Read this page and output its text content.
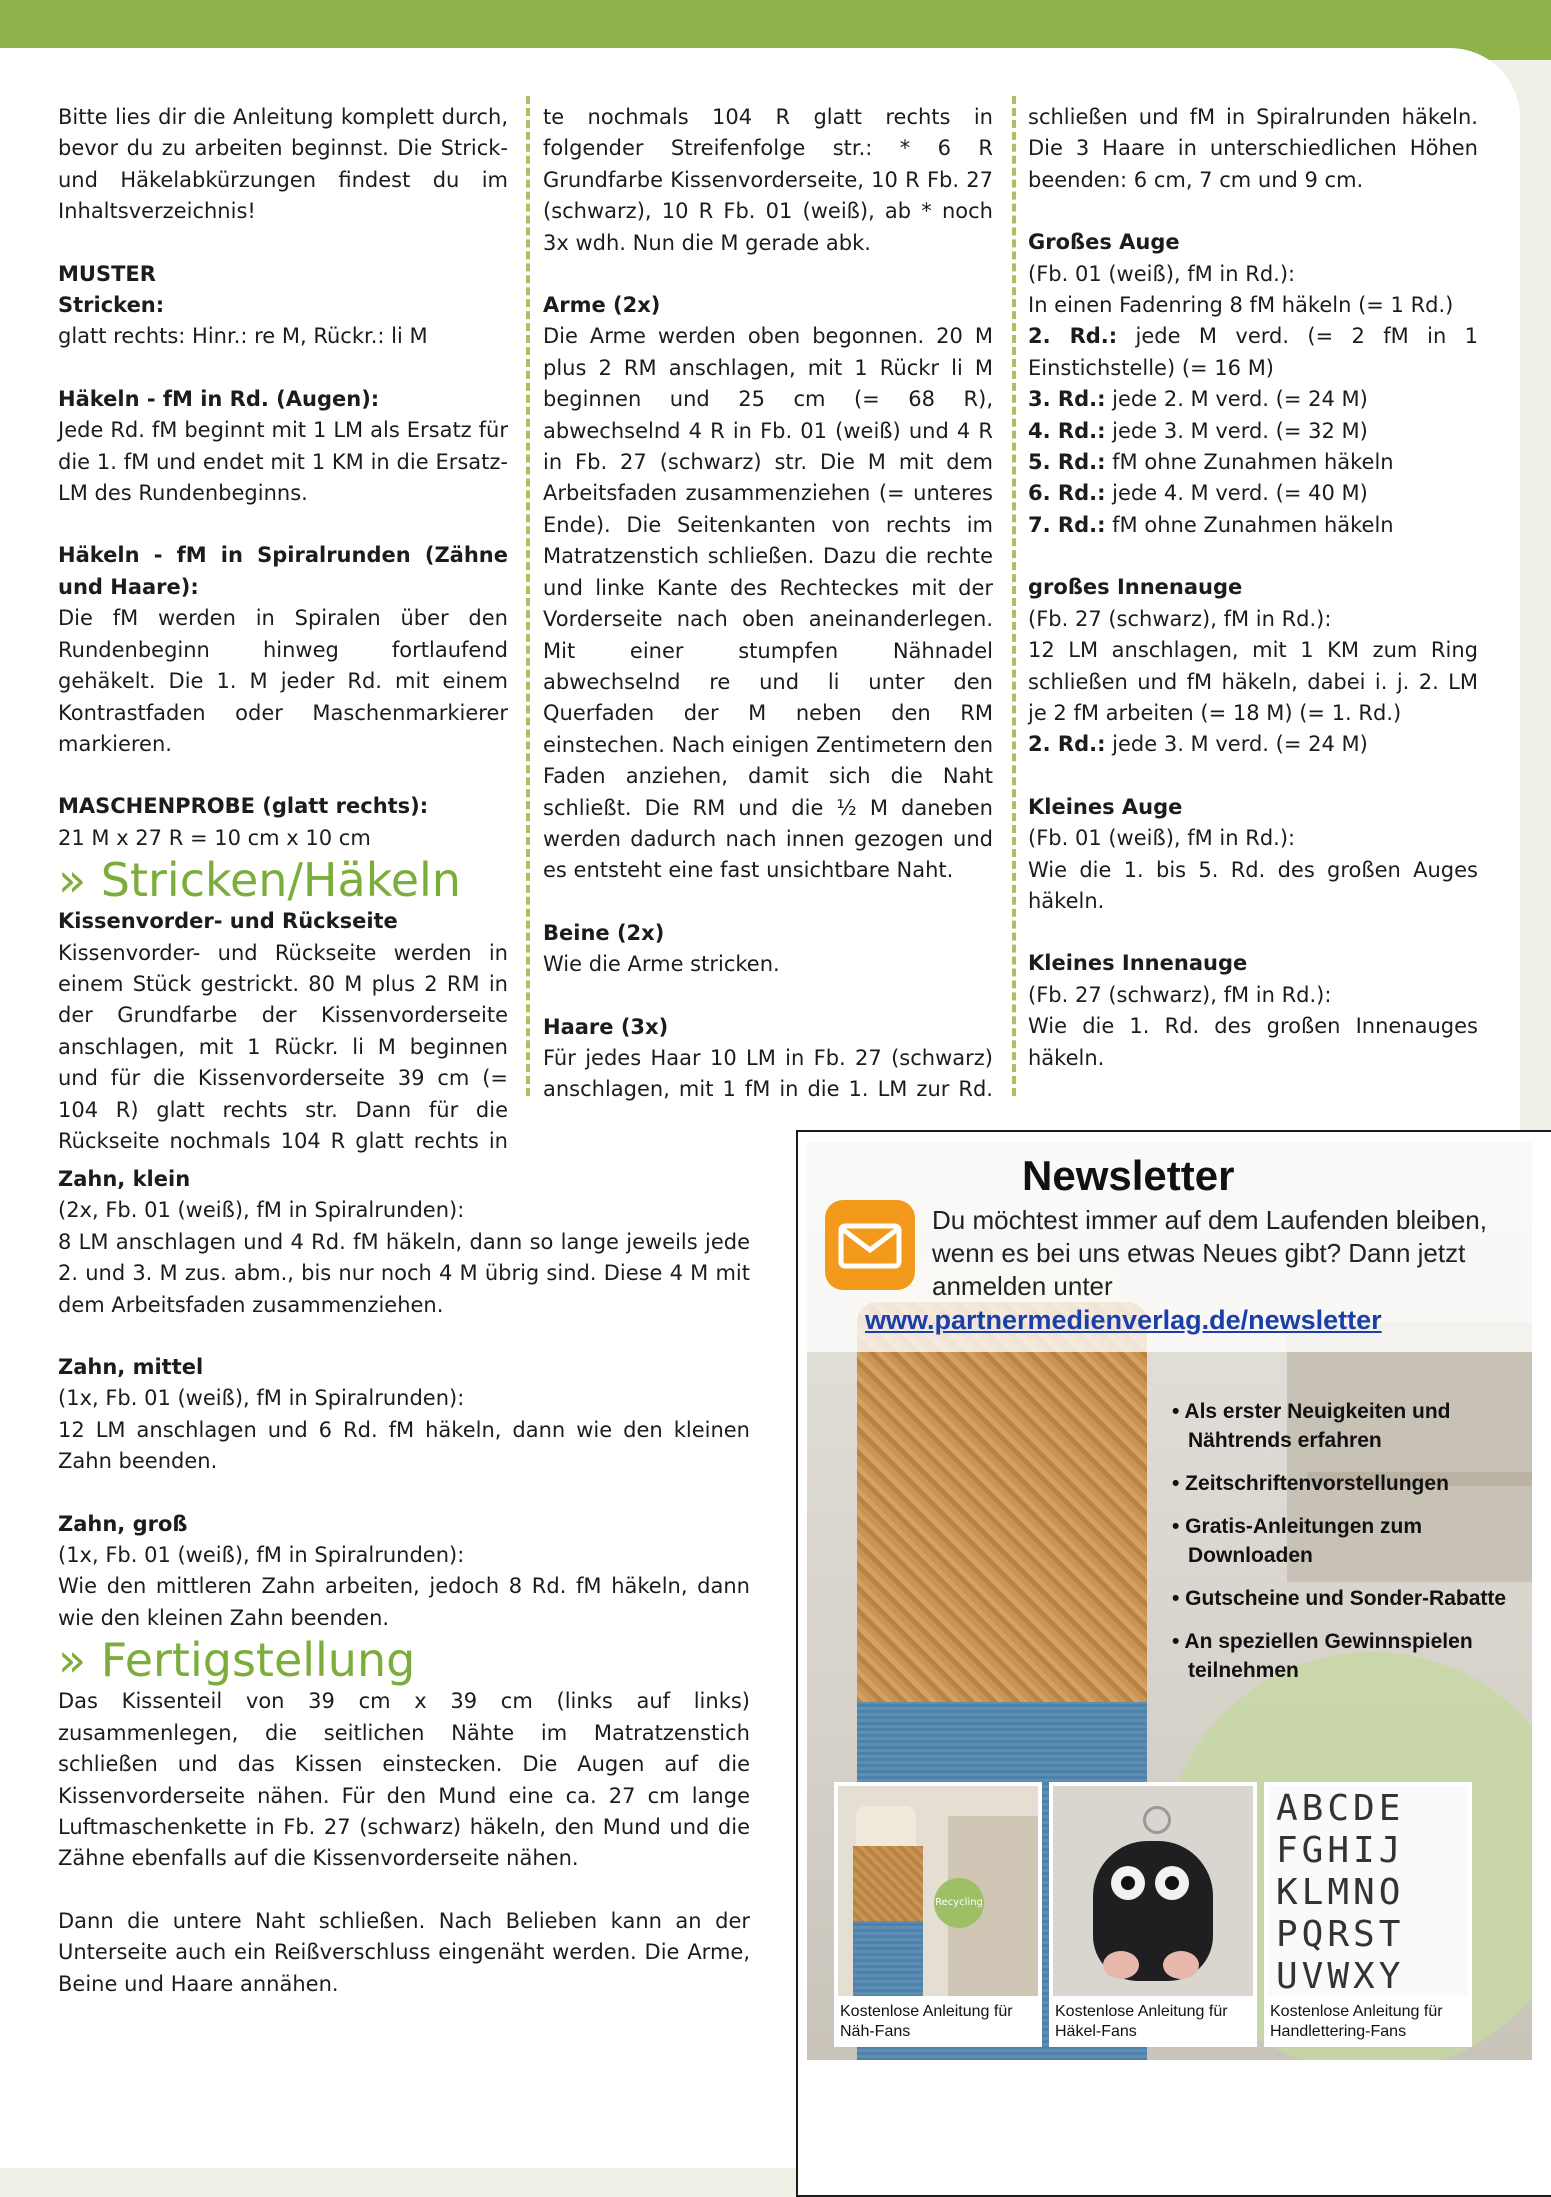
Bitte lies dir die Anleitung komplett durch, bevor du zu arbeiten beginnst. Die Strick- und Häkelabkürzungen findest du im Inhaltsverzeichnis!

MUSTER

Stricken:

glatt rechts: Hinr.: re M, Rückr.: li M

Häkeln - fM in Rd. (Augen):

Jede Rd. fM beginnt mit 1 LM als Ersatz für die 1. fM und endet mit 1 KM in die Ersatz-LM des Rundenbeginns.

Häkeln - fM in Spiralrunden (Zähne und Haare):

Die fM werden in Spiralen über den Rundenbeginn hinweg fortlaufend gehäkelt. Die 1. M jeder Rd. mit einem Kontrastfaden oder Maschenmarkierer markieren.

MASCHENPROBE (glatt rechts):

21 M x 27 R = 10 cm x 10 cm

» Stricken/Häkeln

Kissenvorder- und Rückseite

Kissenvorder- und Rückseite werden in einem Stück gestrickt. 80 M plus 2 RM in der Grundfarbe der Kissenvorderseite anschlagen, mit 1 Rückr. li M beginnen und für die Kissenvorderseite 39 cm (= 104 R) glatt rechts str. Dann für die Rückseite nochmals 104 R glatt rechts in

te nochmals 104 R glatt rechts in folgender Streifenfolge str.: * 6 R Grundfarbe Kissenvorderseite, 10 R Fb. 27 (schwarz), 10 R Fb. 01 (weiß), ab * noch 3x wdh. Nun die M gerade abk.

Arme (2x)

Die Arme werden oben begonnen. 20 M plus 2 RM anschlagen, mit 1 Rückr li M beginnen und 25 cm (= 68 R), abwechselnd 4 R in Fb. 01 (weiß) und 4 R in Fb. 27 (schwarz) str. Die M mit dem Arbeitsfaden zusammenziehen (= unteres Ende). Die Seitenkanten von rechts im Matratzenstich schließen. Dazu die rechte und linke Kante des Rechteckes mit der Vorderseite nach oben aneinanderlegen. Mit einer stumpfen Nähnadel abwechselnd re und li unter den Querfaden der M neben den RM einstechen. Nach einigen Zentimetern den Faden anziehen, damit sich die Naht schließt. Die RM und die ½ M daneben werden dadurch nach innen gezogen und es entsteht eine fast unsichtbare Naht.

Beine (2x)

Wie die Arme stricken.

Haare (3x)

Für jedes Haar 10 LM in Fb. 27 (schwarz) anschlagen, mit 1 fM in die 1. LM zur Rd.

schließen und fM in Spiralrunden häkeln. Die 3 Haare in unterschiedlichen Höhen beenden: 6 cm, 7 cm und 9 cm.

Großes Auge

(Fb. 01 (weiß), fM in Rd.):

In einen Fadenring 8 fM häkeln (= 1 Rd.)

2. Rd.: jede M verd. (= 2 fM in 1 Einstichstelle) (= 16 M)

3. Rd.: jede 2. M verd. (= 24 M)

4. Rd.: jede 3. M verd. (= 32 M)

5. Rd.: fM ohne Zunahmen häkeln

6. Rd.: jede 4. M verd. (= 40 M)

7. Rd.: fM ohne Zunahmen häkeln

großes Innenauge

(Fb. 27 (schwarz), fM in Rd.):

12 LM anschlagen, mit 1 KM zum Ring schließen und fM häkeln, dabei i. j. 2. LM je 2 fM arbeiten (= 18 M) (= 1. Rd.)

2. Rd.: jede 3. M verd. (= 24 M)

Kleines Auge

(Fb. 01 (weiß), fM in Rd.):

Wie die 1. bis 5. Rd. des großen Auges häkeln.

Kleines Innenauge

(Fb. 27 (schwarz), fM in Rd.):

Wie die 1. Rd. des großen Innenauges häkeln.

Zahn, klein

(2x, Fb. 01 (weiß), fM in Spiralrunden):

8 LM anschlagen und 4 Rd. fM häkeln, dann so lange jeweils jede 2. und 3. M zus. abm., bis nur noch 4 M übrig sind. Diese 4 M mit dem Arbeitsfaden zusammenziehen.

Zahn, mittel

(1x, Fb. 01 (weiß), fM in Spiralrunden):

12 LM anschlagen und 6 Rd. fM häkeln, dann wie den kleinen Zahn beenden.

Zahn, groß

(1x, Fb. 01 (weiß), fM in Spiralrunden):

Wie den mittleren Zahn arbeiten, jedoch 8 Rd. fM häkeln, dann wie den kleinen Zahn beenden.

» Fertigstellung

Das Kissenteil von 39 cm x 39 cm (links auf links) zusammenlegen, die seitlichen Nähte im Matratzenstich schließen und das Kissen einstecken. Die Augen auf die Kissenvorderseite nähen. Für den Mund eine ca. 27 cm lange Luftmaschenkette in Fb. 27 (schwarz) häkeln, den Mund und die Zähne ebenfalls auf die Kissenvorderseite nähen.

Dann die untere Naht schließen. Nach Belieben kann an der Unterseite auch ein Reißverschluss eingenäht werden. Die Arme, Beine und Haare annähen.

Newsletter
Du möchtest immer auf dem Laufenden bleiben, wenn es bei uns etwas Neues gibt? Dann jetzt anmelden unter
www.partnermedienverlag.de/newsletter
• Als erster Neuigkeiten und Nähtrends erfahren
• Zeitschriftenvorstellungen
• Gratis-Anleitungen zum Downloaden
• Gutscheine und Sonder-Rabatte
• An speziellen Gewinnspielen teilnehmen
Recycling
Kostenlose Anleitung für Näh-Fans
Kostenlose Anleitung für Häkel-Fans
ABCDE FGHIJ KLMNO PQRST UVWXY
Kostenlose Anleitung für Handlettering-Fans
